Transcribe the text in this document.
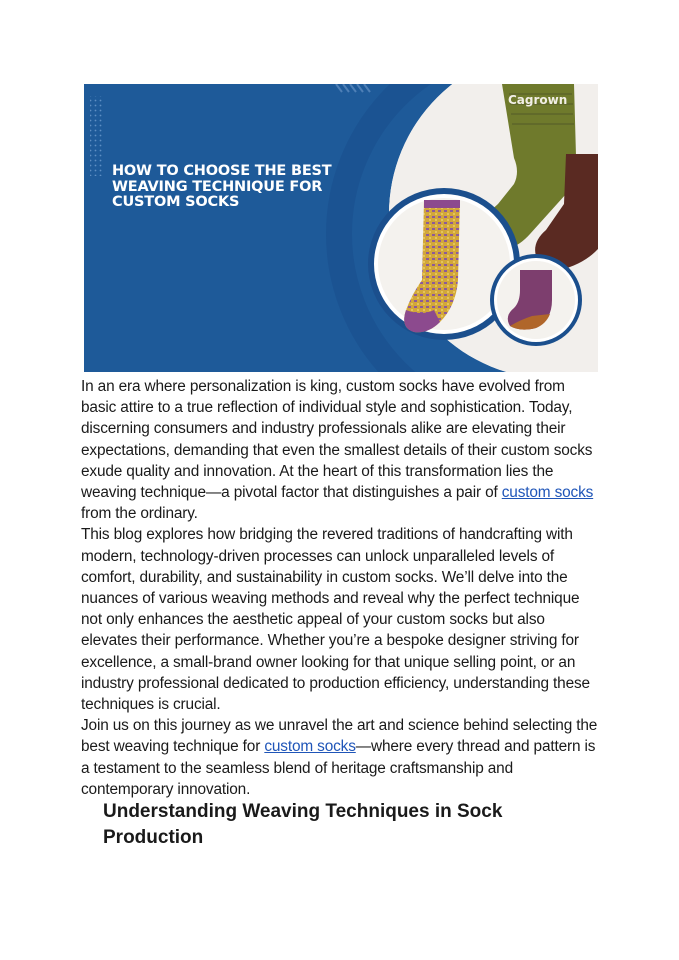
HOW TO CHOOSE THE BEST WEAVING TECHNIQUE FOR CUSTOM SOCKS
Cagrown

In an era where personalization is king, custom socks have evolved from basic attire to a true reflection of individual style and sophistication. Today, discerning consumers and industry professionals alike are elevating their expectations, demanding that even the smallest details of their custom socks exude quality and innovation. At the heart of this transformation lies the weaving technique—a pivotal factor that distinguishes a pair of custom socks from the ordinary.

This blog explores how bridging the revered traditions of handcrafting with modern, technology-driven processes can unlock unparalleled levels of comfort, durability, and sustainability in custom socks. We’ll delve into the nuances of various weaving methods and reveal why the perfect technique not only enhances the aesthetic appeal of your custom socks but also elevates their performance. Whether you’re a bespoke designer striving for excellence, a small-brand owner looking for that unique selling point, or an industry professional dedicated to production efficiency, understanding these techniques is crucial.

Join us on this journey as we unravel the art and science behind selecting the best weaving technique for custom socks—where every thread and pattern is a testament to the seamless blend of heritage craftsmanship and contemporary innovation.

Understanding Weaving Techniques in Sock Production
